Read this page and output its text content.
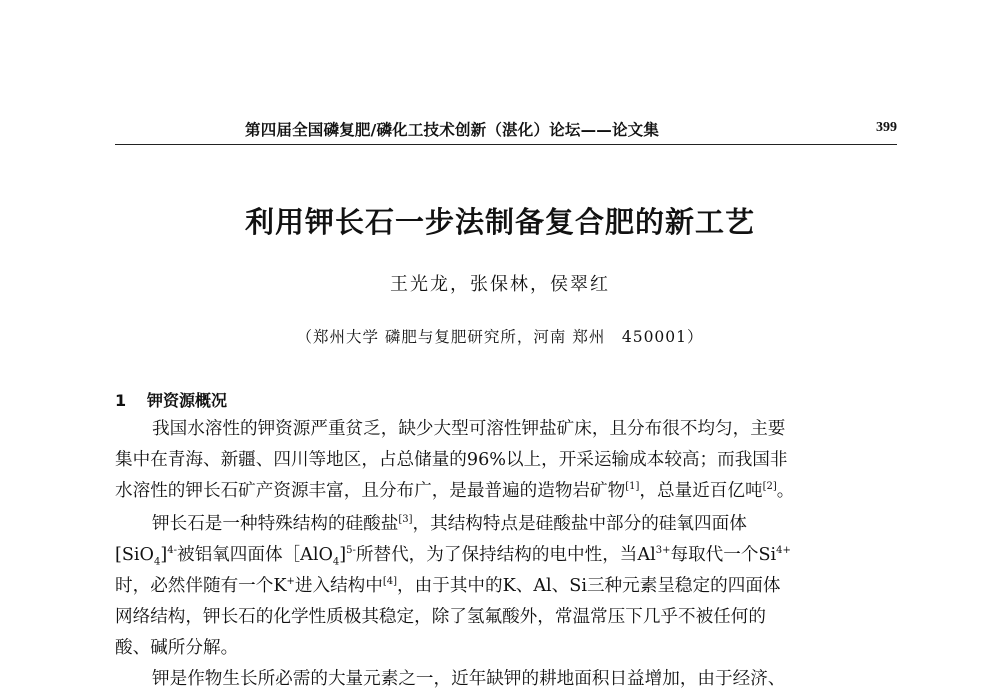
第四届全国磷复肥/磷化工技术创新（湛化）论坛——论文集	399
利用钾长石一步法制备复合肥的新工艺
王光龙，张保林，侯翠红
（郑州大学 磷肥与复肥研究所，河南 郑州　450001）
1 钾资源概况
我国水溶性的钾资源严重贫乏，缺少大型可溶性钾盐矿床，且分布很不均匀，主要
集中在青海、新疆、四川等地区，占总储量的96%以上，开采运输成本较高；而我国非
水溶性的钾长石矿产资源丰富，且分布广，是最普遍的造物岩矿物[1]，总量近百亿吨[2]。
钾长石是一种特殊结构的硅酸盐[3]，其结构特点是硅酸盐中部分的硅氧四面体
$[SiO_4]^{4-}$被铝氧四面体［AlO$_4$]$^{5-}$所替代，为了保持结构的电中性，当$Al^{3+}$每取代一个$Si^{4+}$
时，必然伴随有一个K+进入结构中[4]，由于其中的K、Al、Si三种元素呈稳定的四面体
网络结构，钾长石的化学性质极其稳定，除了氢氟酸外，常温常压下几乎不被任何的
酸、碱所分解。
钾是作物生长所必需的大量元素之一，近年缺钾的耕地面积日益增加，由于经济、
